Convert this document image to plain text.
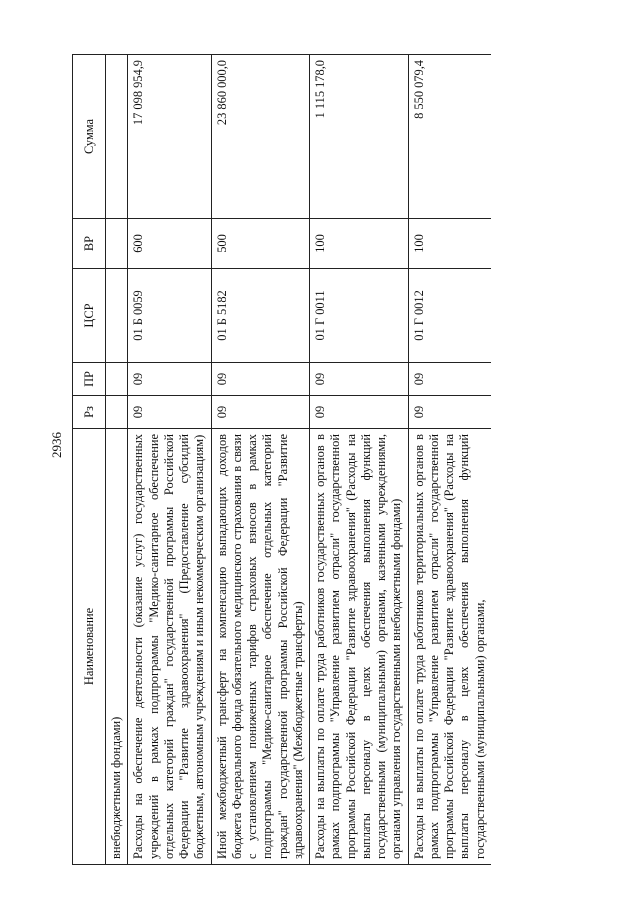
2936
Наименование	Рз	ПР	ЦСР	ВР	Сумма
внебюджетными фондами)					
Расходы на обеспечение деятельности (оказание услуг) государственных учреждений в рамках подпрограммы "Медико-санитарное обеспечение отдельных категорий граждан" государственной программы Российской Федерации "Развитие здравоохранения" (Предоставление субсидий бюджетным, автономным учреждениям и иным некоммерческим организациям)	09	09	01 Б 0059	600	17 098 954,9
Иной межбюджетный трансферт на компенсацию выпадающих доходов бюджета Федерального фонда обязательного медицинского страхования в связи с установлением пониженных тарифов страховых взносов в рамках подпрограммы "Медико-санитарное обеспечение отдельных категорий граждан" государственной программы Российской Федерации "Развитие здравоохранения" (Межбюджетные трансферты)	09	09	01 Б 5182	500	23 860 000,0
Расходы на выплаты по оплате труда работников государственных органов в рамках подпрограммы "Управление развитием отрасли" государственной программы Российской Федерации "Развитие здравоохранения" (Расходы на выплаты персоналу в целях обеспечения выполнения функций государственными (муниципальными) органами, казенными учреждениями, органами управления государственными внебюджетными фондами)	09	09	01 Г 0011	100	1 115 178,0
Расходы на выплаты по оплате труда работников территориальных органов в рамках подпрограммы "Управление развитием отрасли" государственной программы Российской Федерации "Развитие здравоохранения" (Расходы на выплаты персоналу в целях обеспечения выполнения функций государственными (муниципальными) органами,	09	09	01 Г 0012	100	8 550 079,4
